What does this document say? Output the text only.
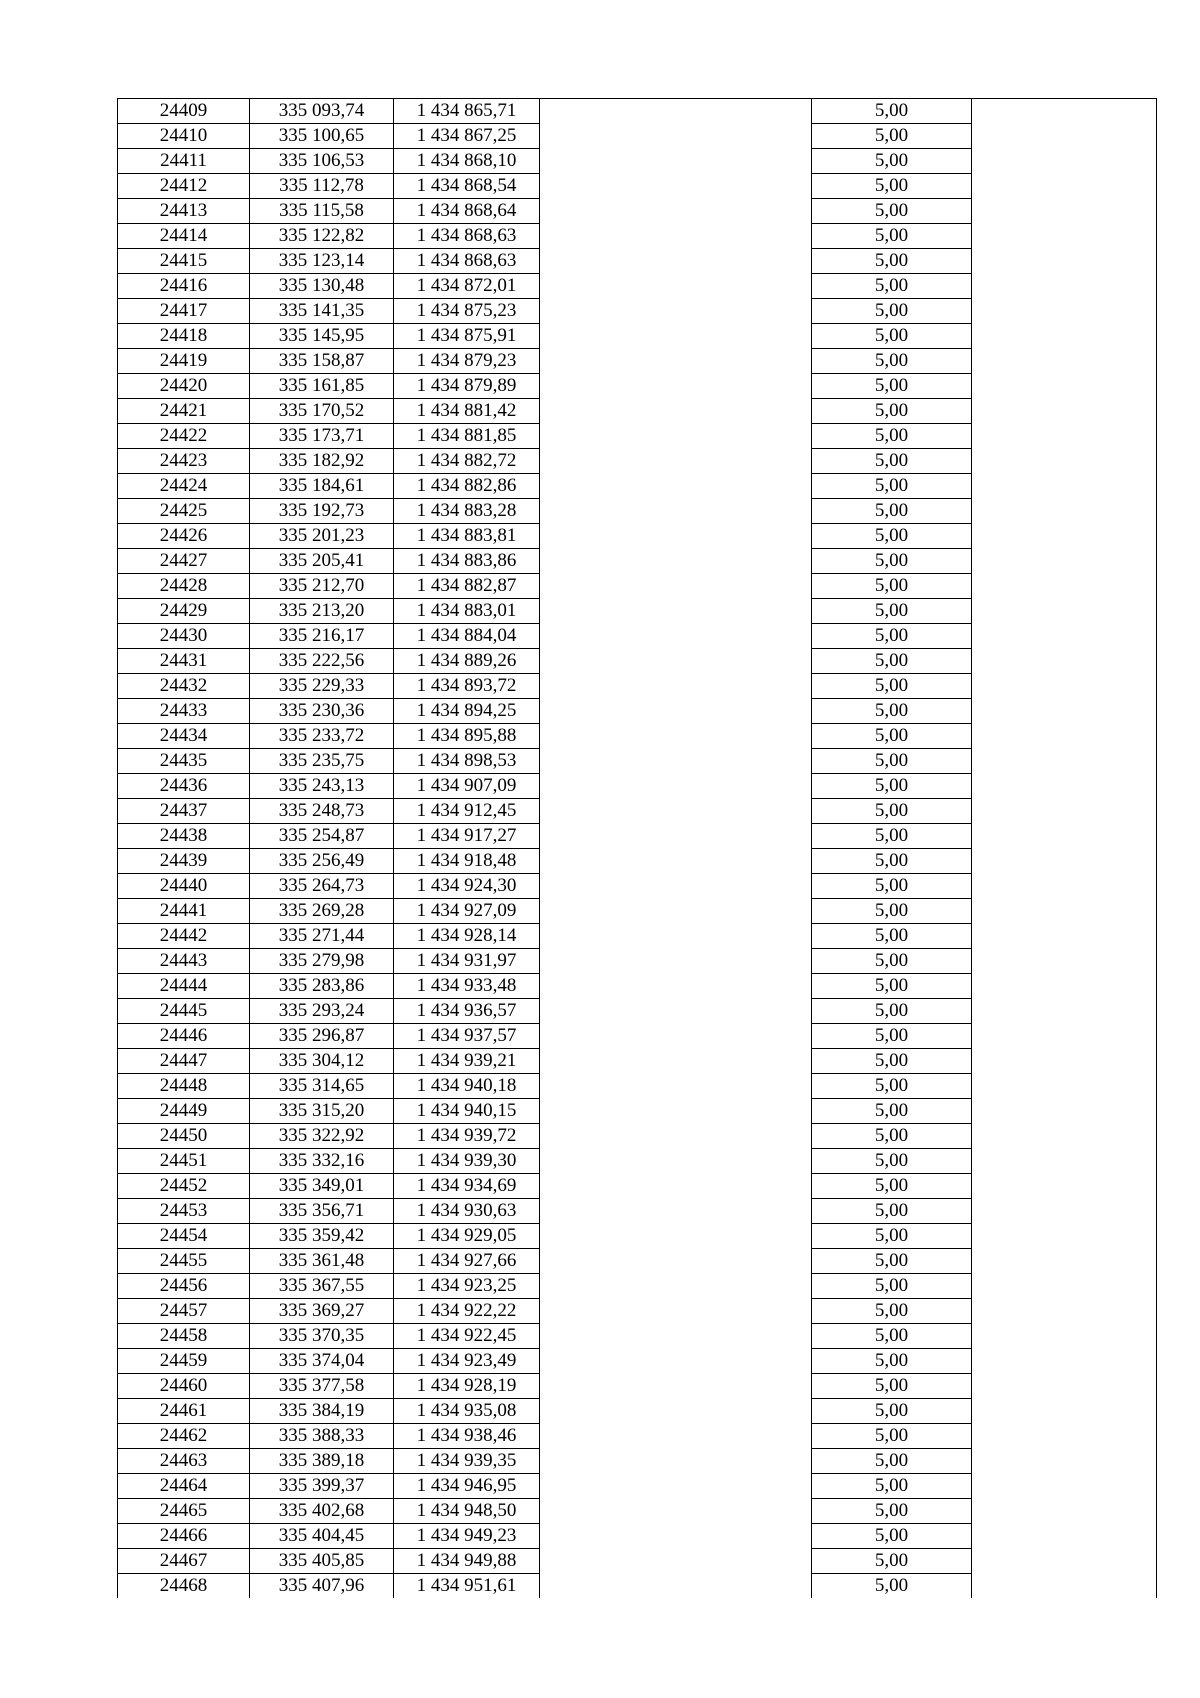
24409	335 093,74	1 434 865,71		5,00	
24410	335 100,65	1 434 867,25		5,00	
24411	335 106,53	1 434 868,10		5,00	
24412	335 112,78	1 434 868,54		5,00	
24413	335 115,58	1 434 868,64		5,00	
24414	335 122,82	1 434 868,63		5,00	
24415	335 123,14	1 434 868,63		5,00	
24416	335 130,48	1 434 872,01		5,00	
24417	335 141,35	1 434 875,23		5,00	
24418	335 145,95	1 434 875,91		5,00	
24419	335 158,87	1 434 879,23		5,00	
24420	335 161,85	1 434 879,89		5,00	
24421	335 170,52	1 434 881,42		5,00	
24422	335 173,71	1 434 881,85		5,00	
24423	335 182,92	1 434 882,72		5,00	
24424	335 184,61	1 434 882,86		5,00	
24425	335 192,73	1 434 883,28		5,00	
24426	335 201,23	1 434 883,81		5,00	
24427	335 205,41	1 434 883,86		5,00	
24428	335 212,70	1 434 882,87		5,00	
24429	335 213,20	1 434 883,01		5,00	
24430	335 216,17	1 434 884,04		5,00	
24431	335 222,56	1 434 889,26		5,00	
24432	335 229,33	1 434 893,72		5,00	
24433	335 230,36	1 434 894,25		5,00	
24434	335 233,72	1 434 895,88		5,00	
24435	335 235,75	1 434 898,53		5,00	
24436	335 243,13	1 434 907,09		5,00	
24437	335 248,73	1 434 912,45		5,00	
24438	335 254,87	1 434 917,27		5,00	
24439	335 256,49	1 434 918,48		5,00	
24440	335 264,73	1 434 924,30		5,00	
24441	335 269,28	1 434 927,09		5,00	
24442	335 271,44	1 434 928,14		5,00	
24443	335 279,98	1 434 931,97		5,00	
24444	335 283,86	1 434 933,48		5,00	
24445	335 293,24	1 434 936,57		5,00	
24446	335 296,87	1 434 937,57		5,00	
24447	335 304,12	1 434 939,21		5,00	
24448	335 314,65	1 434 940,18		5,00	
24449	335 315,20	1 434 940,15		5,00	
24450	335 322,92	1 434 939,72		5,00	
24451	335 332,16	1 434 939,30		5,00	
24452	335 349,01	1 434 934,69		5,00	
24453	335 356,71	1 434 930,63		5,00	
24454	335 359,42	1 434 929,05		5,00	
24455	335 361,48	1 434 927,66		5,00	
24456	335 367,55	1 434 923,25		5,00	
24457	335 369,27	1 434 922,22		5,00	
24458	335 370,35	1 434 922,45		5,00	
24459	335 374,04	1 434 923,49		5,00	
24460	335 377,58	1 434 928,19		5,00	
24461	335 384,19	1 434 935,08		5,00	
24462	335 388,33	1 434 938,46		5,00	
24463	335 389,18	1 434 939,35		5,00	
24464	335 399,37	1 434 946,95		5,00	
24465	335 402,68	1 434 948,50		5,00	
24466	335 404,45	1 434 949,23		5,00	
24467	335 405,85	1 434 949,88		5,00	
24468	335 407,96	1 434 951,61		5,00	
